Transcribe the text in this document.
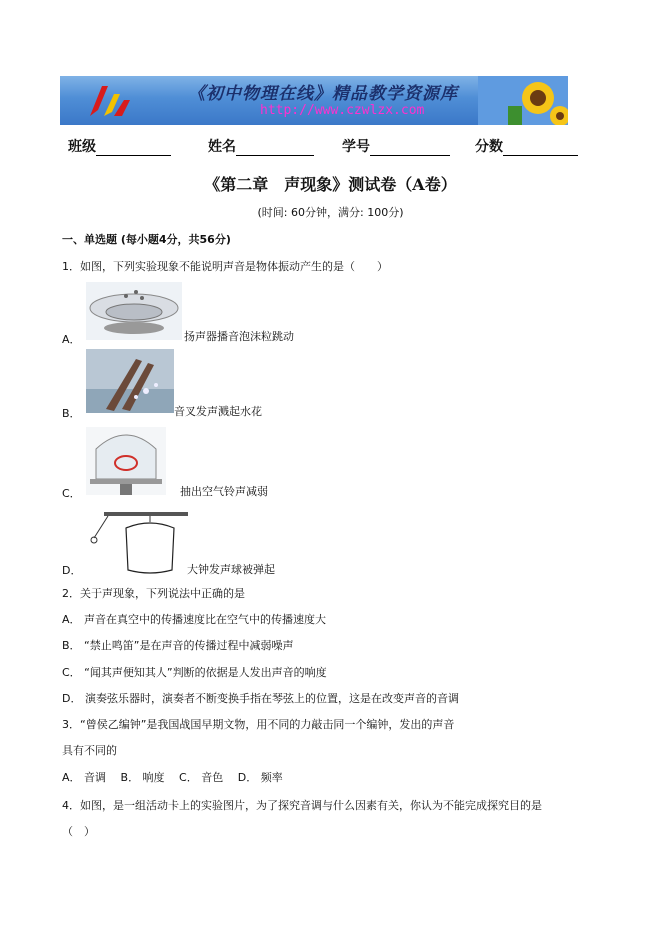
《初中物理在线》精品教学资源库
http://www.czwlzx.com
班级	姓名	学号	分数
《第二章　声现象》测试卷（A卷）
(时间: 60分钟，满分: 100分)
一、单选题 (每小题4分，共56分)
1．如图，下列实验现象不能说明声音是物体振动产生的是（　　）
A．	扬声器播音泡沫粒跳动
B．	音叉发声溅起水花
C．	抽出空气铃声减弱
D．	大钟发声球被弹起
2．关于声现象，下列说法中正确的是
A． 声音在真空中的传播速度比在空气中的传播速度大
B． “禁止鸣笛”是在声音的传播过程中减弱噪声
C． “闻其声便知其人”判断的依据是人发出声音的响度
D． 演奏弦乐器时，演奏者不断变换手指在琴弦上的位置，这是在改变声音的音调
3．“曾侯乙编钟”是我国战国早期文物，用不同的力敲击同一个编钟，发出的声音
具有不同的
A． 音调　 B． 响度　 C． 音色　 D． 频率
4．如图，是一组活动卡上的实验图片，为了探究音调与什么因素有关，你认为不能完成探究目的是
（　）
